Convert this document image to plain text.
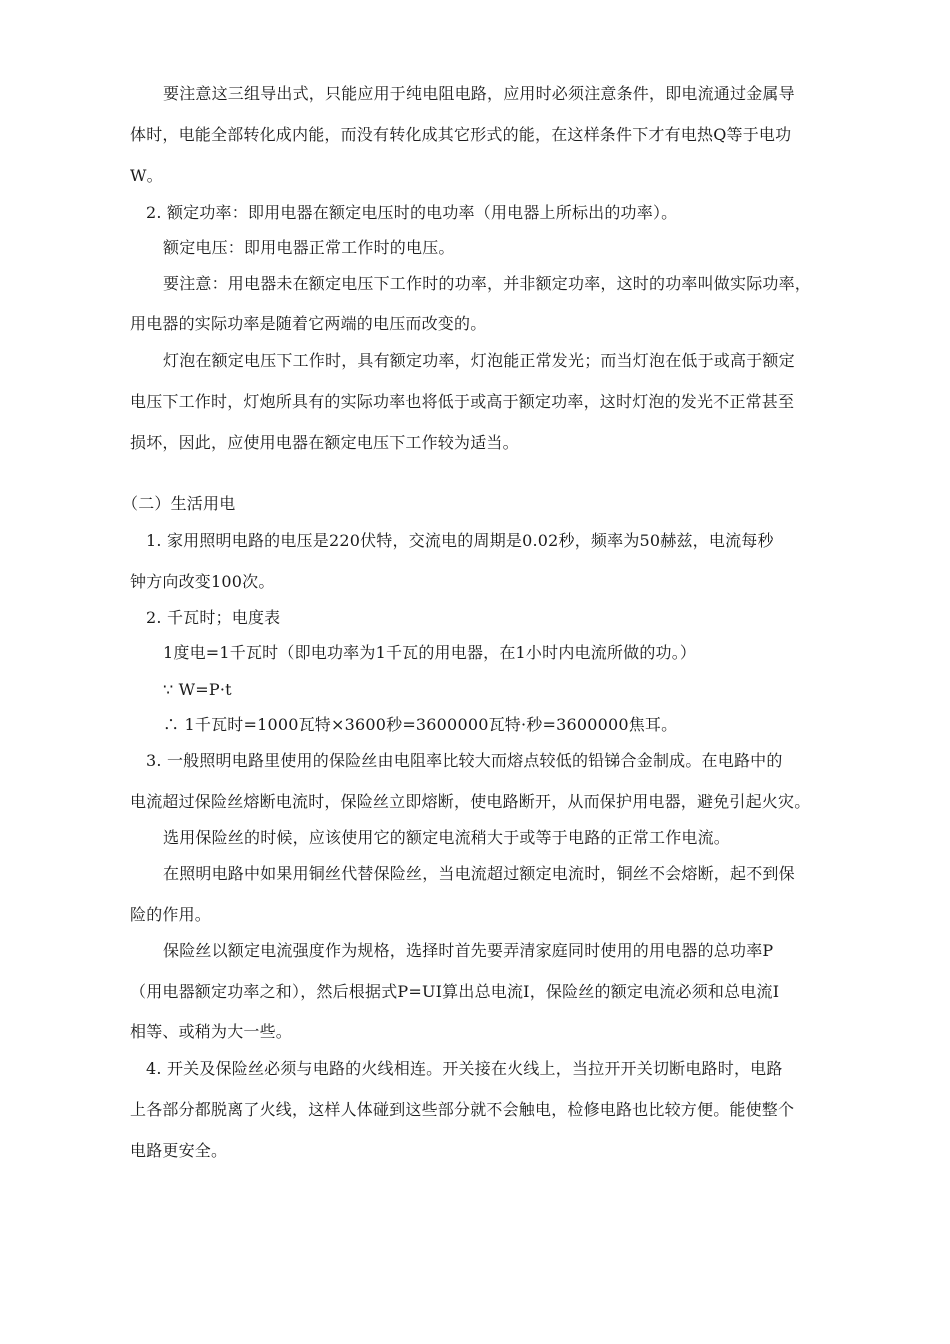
要注意这三组导出式，只能应用于纯电阻电路，应用时必须注意条件，即电流通过金属导
体时，电能全部转化成内能，而没有转化成其它形式的能，在这样条件下才有电热Q等于电功
W。
2. 额定功率：即用电器在额定电压时的电功率（用电器上所标出的功率）。
额定电压：即用电器正常工作时的电压。
要注意：用电器未在额定电压下工作时的功率，并非额定功率，这时的功率叫做实际功率，
用电器的实际功率是随着它两端的电压而改变的。
灯泡在额定电压下工作时，具有额定功率，灯泡能正常发光；而当灯泡在低于或高于额定
电压下工作时，灯炮所具有的实际功率也将低于或高于额定功率，这时灯泡的发光不正常甚至
损坏，因此，应使用电器在额定电压下工作较为适当。
（二）生活用电
1. 家用照明电路的电压是220伏特，交流电的周期是0.02秒，频率为50赫兹，电流每秒
钟方向改变100次。
2. 千瓦时；电度表
1度电=1千瓦时（即电功率为1千瓦的用电器，在1小时内电流所做的功。）
∵ W=P·t
∴ 1千瓦时=1000瓦特×3600秒=3600000瓦特·秒=3600000焦耳。
3. 一般照明电路里使用的保险丝由电阻率比较大而熔点较低的铅锑合金制成。在电路中的
电流超过保险丝熔断电流时，保险丝立即熔断，使电路断开，从而保护用电器，避免引起火灾。
选用保险丝的时候，应该使用它的额定电流稍大于或等于电路的正常工作电流。
在照明电路中如果用铜丝代替保险丝，当电流超过额定电流时，铜丝不会熔断，起不到保
险的作用。
保险丝以额定电流强度作为规格，选择时首先要弄清家庭同时使用的用电器的总功率P
（用电器额定功率之和），然后根据式P=UI算出总电流I，保险丝的额定电流必须和总电流I
相等、或稍为大一些。
4. 开关及保险丝必须与电路的火线相连。开关接在火线上，当拉开开关切断电路时，电路
上各部分都脱离了火线，这样人体碰到这些部分就不会触电，检修电路也比较方便。能使整个
电路更安全。
